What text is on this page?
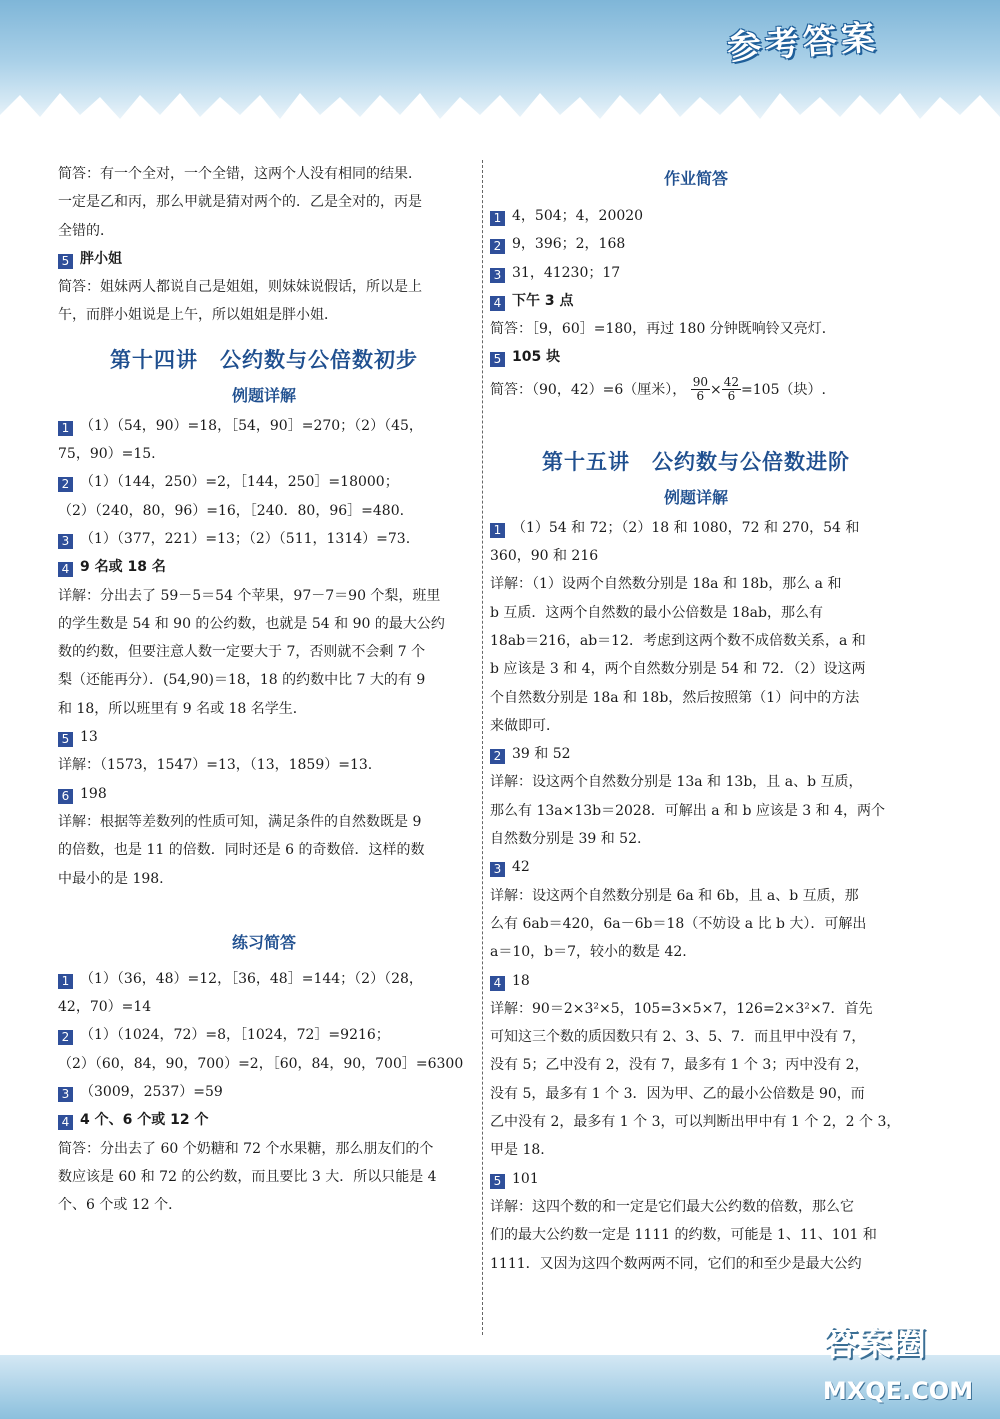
参考答案
简答：有一个全对，一个全错，这两个人没有相同的结果．
一定是乙和丙，那么甲就是猜对两个的．乙是全对的，丙是
全错的．
5 胖小姐
简答：姐妹两人都说自己是姐姐，则妹妹说假话，所以是上
午，而胖小姐说是上午，所以姐姐是胖小姐．
第十四讲　公约数与公倍数初步
例题详解
1 （1）（54，90）=18，［54，90］=270；（2）（45，
75，90）=15.
2 （1）（144，250）=2，［144，250］=18000；
（2）（240，80，96）=16，［240．80，96］=480.
3 （1）（377，221）=13；（2）（511，1314）=73.
4 9 名或 18 名
详解：分出去了 59－5＝54 个苹果，97－7＝90 个梨，班里
的学生数是 54 和 90 的公约数，也就是 54 和 90 的最大公约
数的约数，但要注意人数一定要大于 7，否则就不会剩 7 个
梨（还能再分）．(54,90)＝18，18 的约数中比 7 大的有 9
和 18，所以班里有 9 名或 18 名学生．
5 13
详解：（1573，1547）=13，（13，1859）=13.
6 198
详解：根据等差数列的性质可知，满足条件的自然数既是 9
的倍数，也是 11 的倍数．同时还是 6 的奇数倍．这样的数
中最小的是 198.
练习简答
1 （1）（36，48）=12，［36，48］=144；（2）（28，
42，70）=14
2 （1）（1024，72）=8，［1024，72］=9216；
（2）（60，84，90，700）=2，［60，84，90，700］=6300
3 （3009，2537）=59
4 4 个、6 个或 12 个
简答：分出去了 60 个奶糖和 72 个水果糖，那么朋友们的个
数应该是 60 和 72 的公约数，而且要比 3 大．所以只能是 4
个、6 个或 12 个．
作业简答
1 4，504；4，20020
2 9，396；2，168
3 31，41230；17
4 下午 3 点
简答：［9，60］=180，再过 180 分钟既响铃又亮灯．
5 105 块
简答：（90，42）=6（厘米）， $\frac{90}{6} \times \frac{42}{6} =105$（块）.
第十五讲　公约数与公倍数进阶
例题详解
1 （1）54 和 72；（2）18 和 1080，72 和 270，54 和
360，90 和 216
详解：（1）设两个自然数分别是 18a 和 18b，那么 a 和
b 互质．这两个自然数的最小公倍数是 18ab，那么有
18ab＝216，ab＝12．考虑到这两个数不成倍数关系，a 和
b 应该是 3 和 4，两个自然数分别是 54 和 72．（2）设这两
个自然数分别是 18a 和 18b，然后按照第（1）问中的方法
来做即可．
2 39 和 52
详解：设这两个自然数分别是 13a 和 13b，且 a、b 互质，
那么有 13a×13b＝2028．可解出 a 和 b 应该是 3 和 4，两个
自然数分别是 39 和 52.
3 42
详解：设这两个自然数分别是 6a 和 6b，且 a、b 互质，那
么有 6ab＝420，6a－6b＝18（不妨设 a 比 b 大）．可解出
a＝10，b＝7，较小的数是 42.
4 18
详解：90＝2×3²×5，105=3×5×7，126=2×3²×7．首先
可知这三个数的质因数只有 2、3、5、7．而且甲中没有 7，
没有 5；乙中没有 2，没有 7，最多有 1 个 3；丙中没有 2，
没有 5，最多有 1 个 3．因为甲、乙的最小公倍数是 90，而
乙中没有 2，最多有 1 个 3，可以判断出甲中有 1 个 2，2 个 3，
甲是 18.
5 101
详解：这四个数的和一定是它们最大公约数的倍数，那么它
们的最大公约数一定是 1111 的约数，可能是 1、11、101 和
1111．又因为这四个数两两不同，它们的和至少是最大公约
答案圈
MXQE.COM
